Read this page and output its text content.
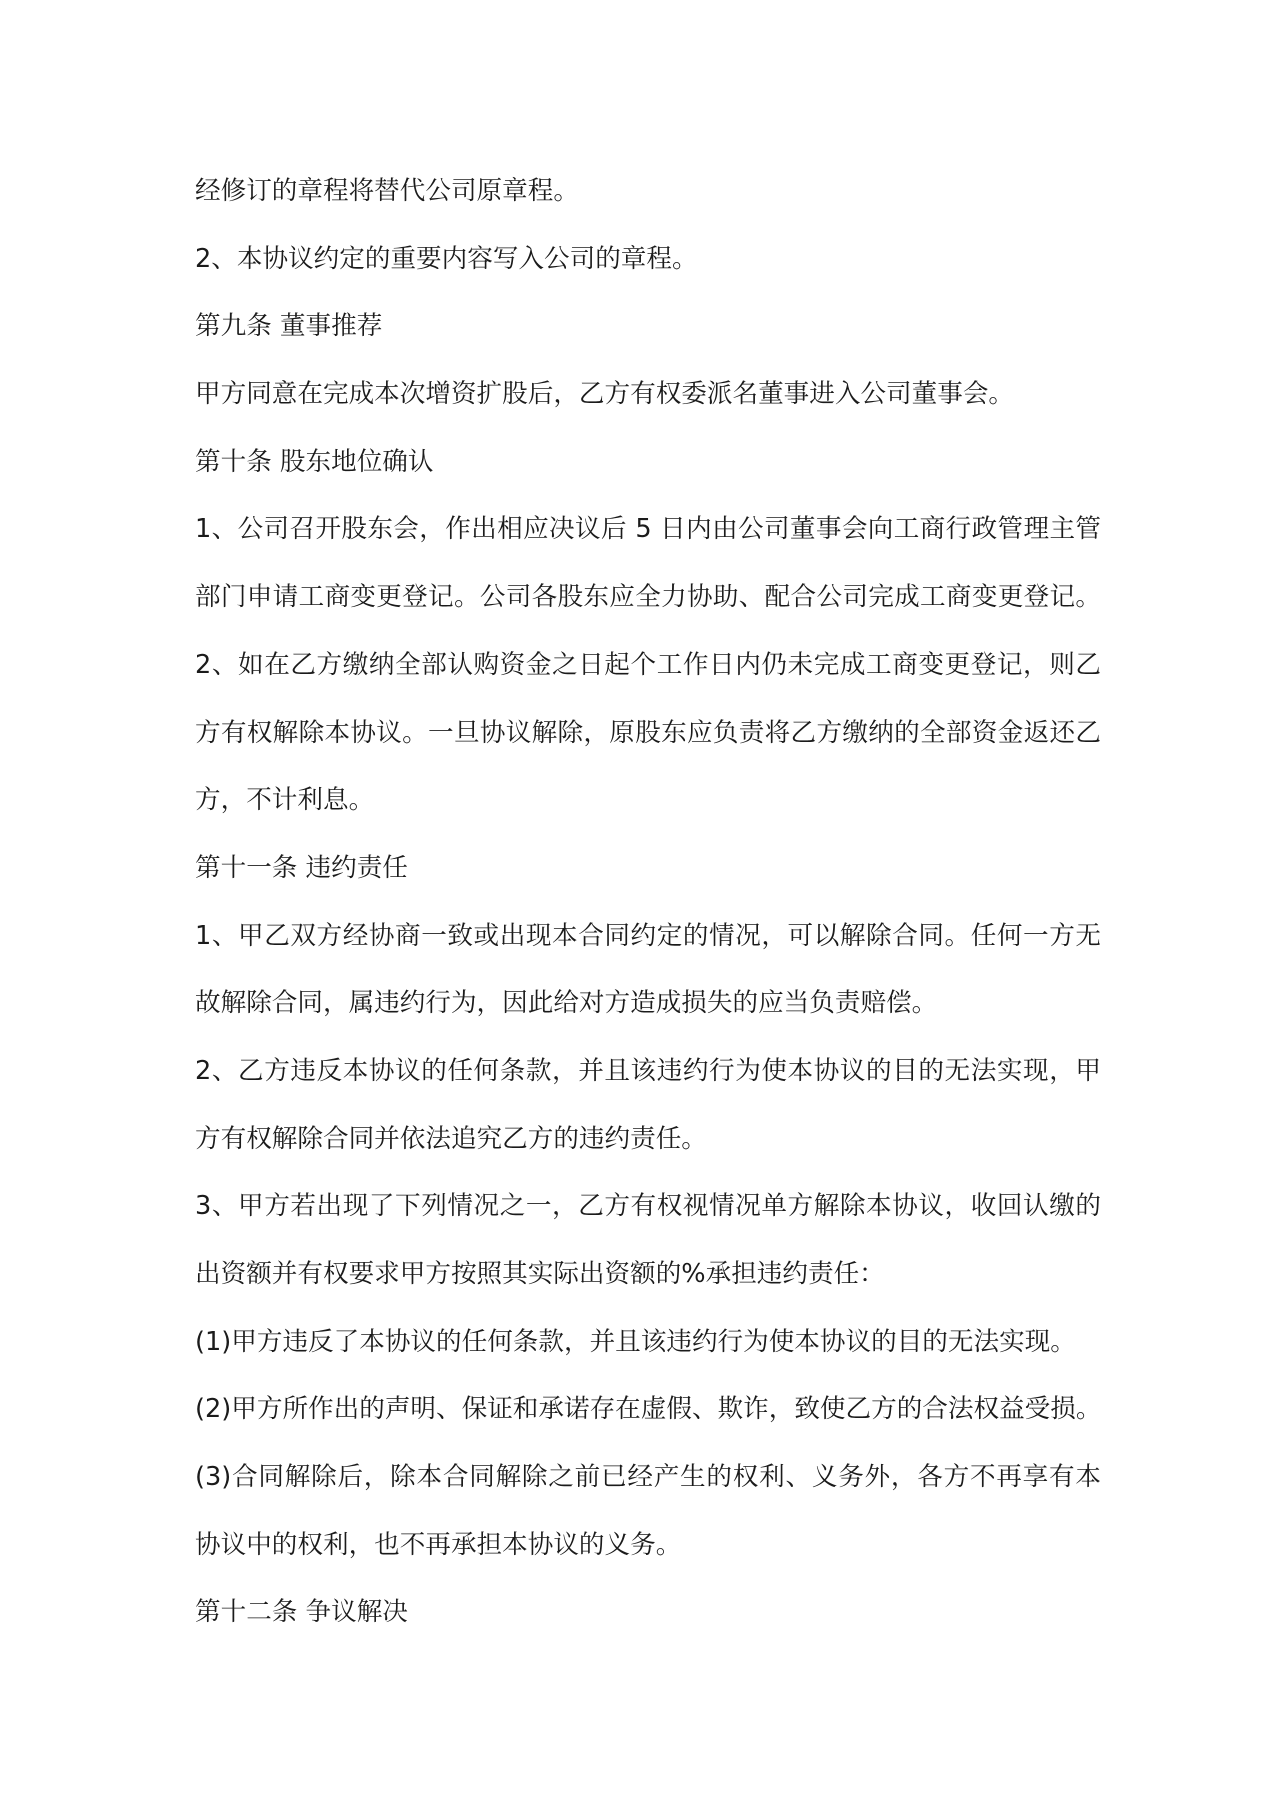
经修订的章程将替代公司原章程。
2、本协议约定的重要内容写入公司的章程。
第九条 董事推荐
甲方同意在完成本次增资扩股后，乙方有权委派名董事进入公司董事会。
第十条 股东地位确认
1、公司召开股东会，作出相应决议后 5 日内由公司董事会向工商行政管理主管
部门申请工商变更登记。公司各股东应全力协助、配合公司完成工商变更登记。
2、如在乙方缴纳全部认购资金之日起个工作日内仍未完成工商变更登记，则乙
方有权解除本协议。一旦协议解除，原股东应负责将乙方缴纳的全部资金返还乙
方，不计利息。
第十一条 违约责任
1、甲乙双方经协商一致或出现本合同约定的情况，可以解除合同。任何一方无
故解除合同，属违约行为，因此给对方造成损失的应当负责赔偿。
2、乙方违反本协议的任何条款，并且该违约行为使本协议的目的无法实现，甲
方有权解除合同并依法追究乙方的违约责任。
3、甲方若出现了下列情况之一，乙方有权视情况单方解除本协议，收回认缴的
出资额并有权要求甲方按照其实际出资额的%承担违约责任：
(1)甲方违反了本协议的任何条款，并且该违约行为使本协议的目的无法实现。
(2)甲方所作出的声明、保证和承诺存在虚假、欺诈，致使乙方的合法权益受损。
(3)合同解除后，除本合同解除之前已经产生的权利、义务外，各方不再享有本
协议中的权利，也不再承担本协议的义务。
第十二条 争议解决
